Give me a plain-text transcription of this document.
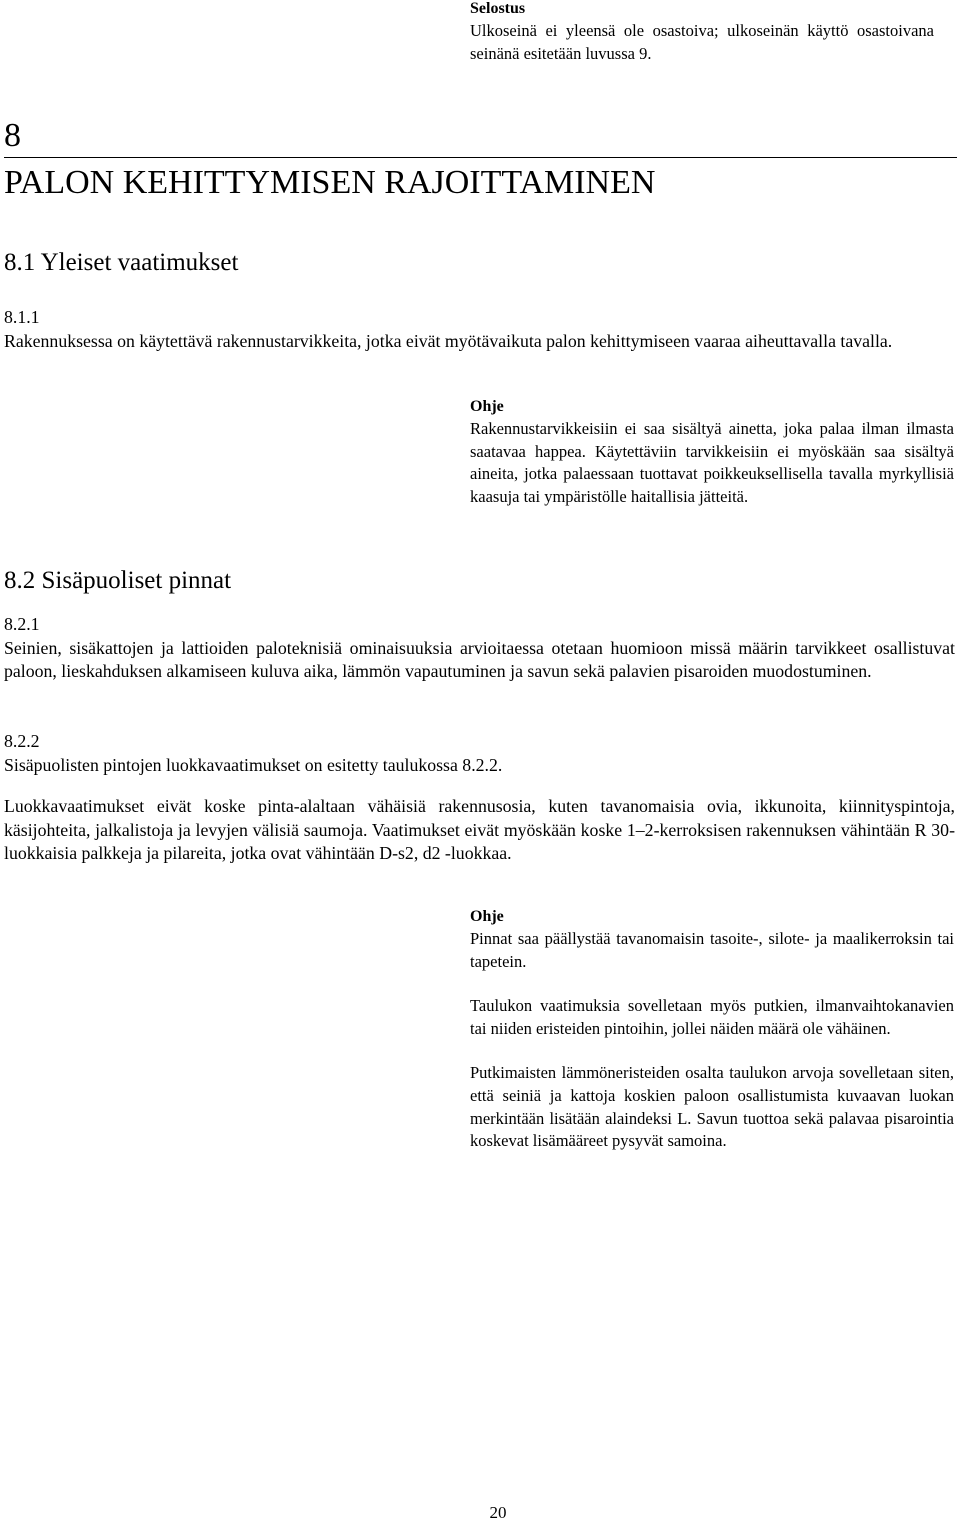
Selostus
Ulkoseinä ei yleensä ole osastoiva; ulkoseinän käyttö osastoivana seinänä esitetään luvussa 9.
8
PALON KEHITTYMISEN RAJOITTAMINEN
8.1 Yleiset vaatimukset
8.1.1
Rakennuksessa on käytettävä rakennustarvikkeita, jotka eivät myötävaikuta palon kehittymiseen vaaraa aiheuttavalla tavalla.
Ohje
Rakennustarvikkeisiin ei saa sisältyä ainetta, joka palaa ilman ilmasta saatavaa happea. Käytettäviin tarvikkeisiin ei myöskään saa sisältyä aineita, jotka palaessaan tuottavat poikkeuksellisella tavalla myrkyllisiä kaasuja tai ympäristölle haitallisia jätteitä.
8.2 Sisäpuoliset pinnat
8.2.1
Seinien, sisäkattojen ja lattioiden paloteknisiä ominaisuuksia arvioitaessa otetaan huomioon missä määrin tarvikkeet osallistuvat paloon, lieskahduksen alkamiseen kuluva aika, lämmön vapautuminen ja savun sekä palavien pisaroiden muodostuminen.
8.2.2
Sisäpuolisten pintojen luokkavaatimukset on esitetty taulukossa 8.2.2.
Luokkavaatimukset eivät koske pinta-alaltaan vähäisiä rakennusosia, kuten tavanomaisia ovia, ikkunoita, kiinnityspintoja, käsijohteita, jalkalistoja ja levyjen välisiä saumoja. Vaatimukset eivät myöskään koske 1–2-kerroksisen rakennuksen vähintään R 30-luokkaisia palkkeja ja pilareita, jotka ovat vähintään D-s2, d2 -luokkaa.
Ohje
Pinnat saa päällystää tavanomaisin tasoite-, silote- ja maalikerroksin tai tapetein.
Taulukon vaatimuksia sovelletaan myös putkien, ilmanvaihtokanavien tai niiden eristeiden pintoihin, jollei näiden määrä ole vähäinen.
Putkimaisten lämmöneristeiden osalta taulukon arvoja sovelletaan siten, että seiniä ja kattoja koskien paloon osallistumista kuvaavan luokan merkintään lisätään alaindeksi L. Savun tuottoa sekä palavaa pisarointia koskevat lisämääreet pysyvät samoina.
20
